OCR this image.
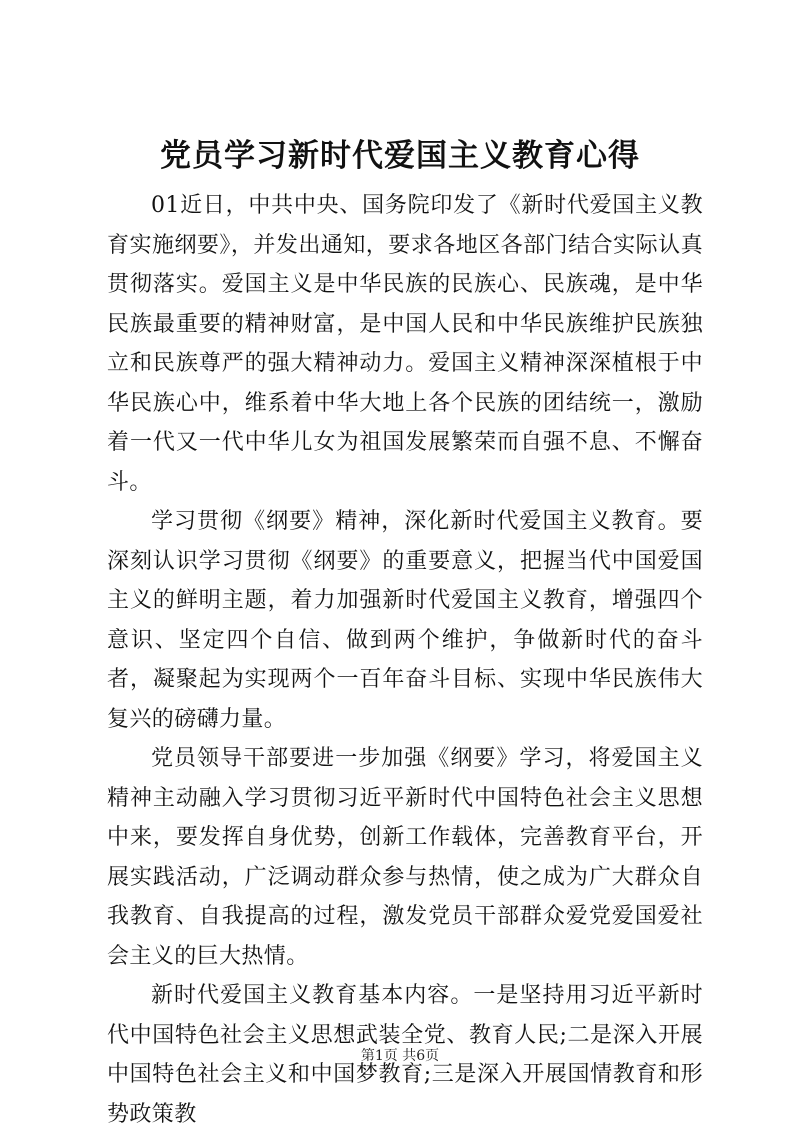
党员学习新时代爱国主义教育心得

01近日，中共中央、国务院印发了《新时代爱国主义教育实施纲要》，并发出通知，要求各地区各部门结合实际认真贯彻落实。爱国主义是中华民族的民族心、民族魂，是中华民族最重要的精神财富，是中国人民和中华民族维护民族独立和民族尊严的强大精神动力。爱国主义精神深深植根于中华民族心中，维系着中华大地上各个民族的团结统一，激励着一代又一代中华儿女为祖国发展繁荣而自强不息、不懈奋斗。

学习贯彻《纲要》精神，深化新时代爱国主义教育。要深刻认识学习贯彻《纲要》的重要意义，把握当代中国爱国主义的鲜明主题，着力加强新时代爱国主义教育，增强四个意识、坚定四个自信、做到两个维护，争做新时代的奋斗者，凝聚起为实现两个一百年奋斗目标、实现中华民族伟大复兴的磅礴力量。

党员领导干部要进一步加强《纲要》学习，将爱国主义精神主动融入学习贯彻习近平新时代中国特色社会主义思想中来，要发挥自身优势，创新工作载体，完善教育平台，开展实践活动，广泛调动群众参与热情，使之成为广大群众自我教育、自我提高的过程，激发党员干部群众爱党爱国爱社会主义的巨大热情。

新时代爱国主义教育基本内容。一是坚持用习近平新时代中国特色社会主义思想武装全党、教育人民;二是深入开展中国特色社会主义和中国梦教育;三是深入开展国情教育和形势政策教

第1页 共6页
